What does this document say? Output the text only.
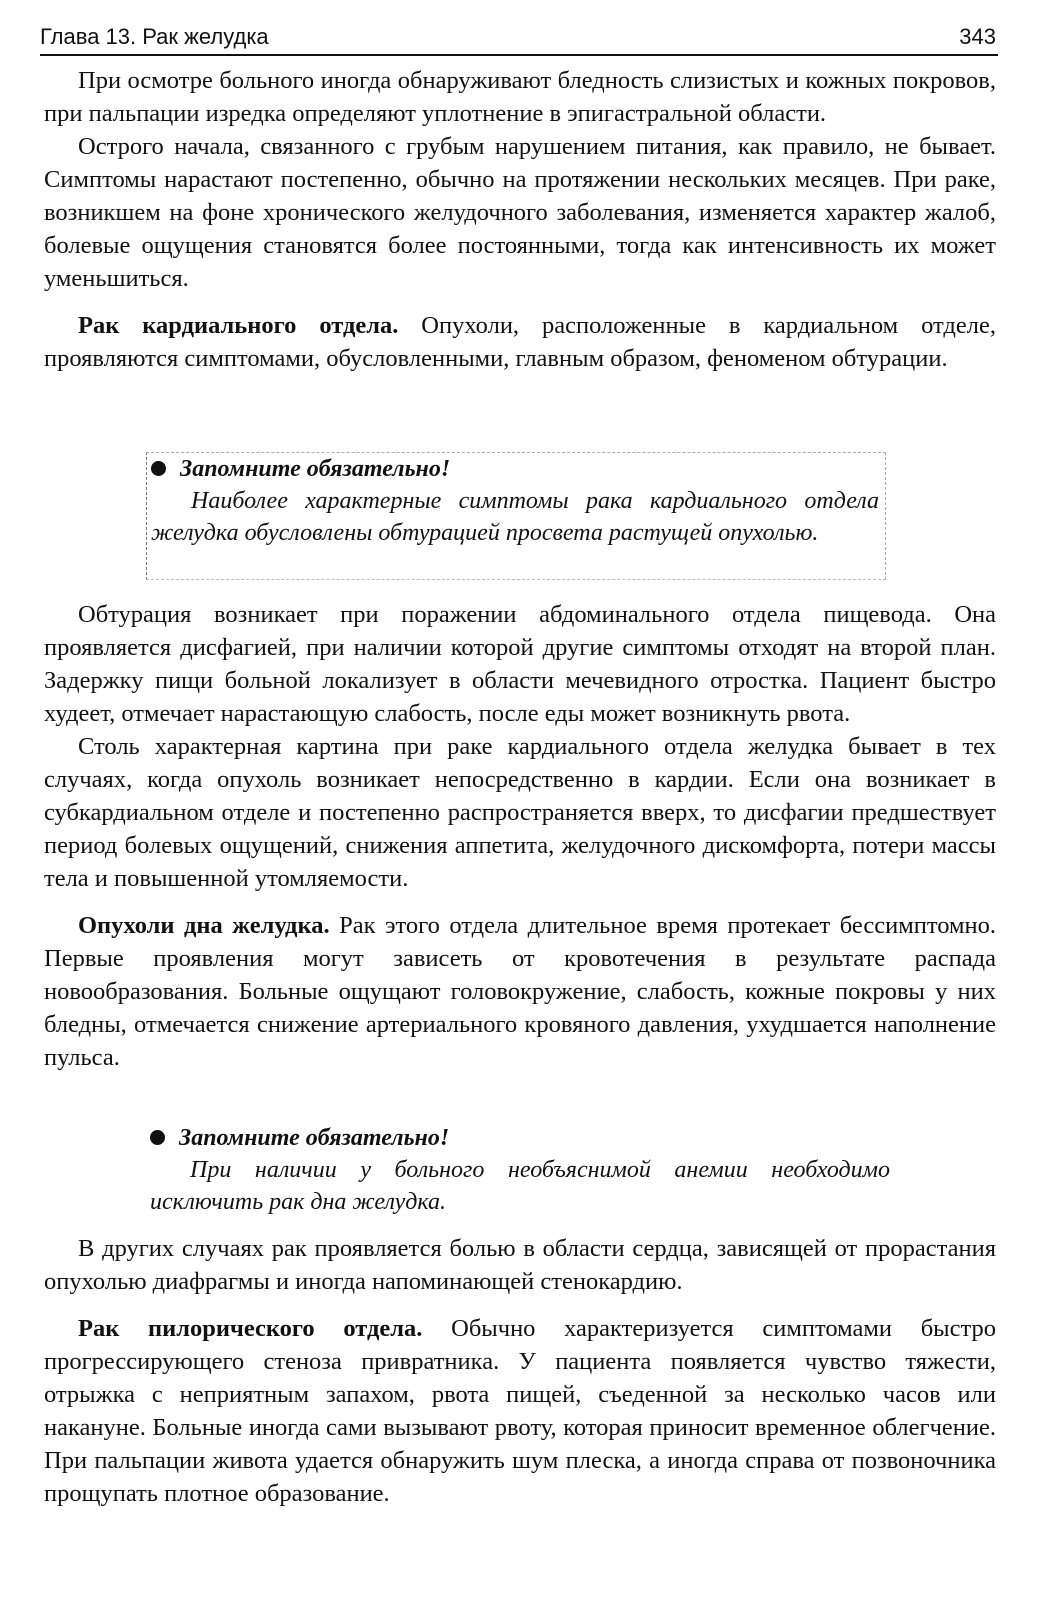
Глава 13. Рак желудка	343

При осмотре больного иногда обнаруживают бледность слизистых и кожных покровов, при пальпации изредка определяют уплотнение в эпигастральной области.

Острого начала, связанного с грубым нарушением питания, как правило, не бывает. Симптомы нарастают постепенно, обычно на протяжении нескольких месяцев. При раке, возникшем на фоне хронического желудочного заболевания, изменяется характер жалоб, болевые ощущения становятся более постоянными, тогда как интенсивность их может уменьшиться.

Рак кардиального отдела. Опухоли, расположенные в кардиальном отделе, проявляются симптомами, обусловленными, главным образом, феноменом обтурации.

Запомните обязательно!
Наиболее характерные симптомы рака кардиального отдела желудка обусловлены обтурацией просвета растущей опухолью.

Обтурация возникает при поражении абдоминального отдела пищевода. Она проявляется дисфагией, при наличии которой другие симптомы отходят на второй план. Задержку пищи больной локализует в области мечевидного отростка. Пациент быстро худеет, отмечает нарастающую слабость, после еды может возникнуть рвота.

Столь характерная картина при раке кардиального отдела желудка бывает в тех случаях, когда опухоль возникает непосредственно в кардии. Если она возникает в субкардиальном отделе и постепенно распространяется вверх, то дисфагии предшествует период болевых ощущений, снижения аппетита, желудочного дискомфорта, потери массы тела и повышенной утомляемости.

Опухоли дна желудка. Рак этого отдела длительное время протекает бессимптомно. Первые проявления могут зависеть от кровотечения в результате распада новообразования. Больные ощущают головокружение, слабость, кожные покровы у них бледны, отмечается снижение артериального кровяного давления, ухудшается наполнение пульса.

Запомните обязательно!
При наличии у больного необъяснимой анемии необходимо исключить рак дна желудка.

В других случаях рак проявляется болью в области сердца, зависящей от прорастания опухолью диафрагмы и иногда напоминающей стенокардию.

Рак пилорического отдела. Обычно характеризуется симптомами быстро прогрессирующего стеноза привратника. У пациента появляется чувство тяжести, отрыжка с неприятным запахом, рвота пищей, съеденной за несколько часов или накануне. Больные иногда сами вызывают рвоту, которая приносит временное облегчение. При пальпации живота удается обнаружить шум плеска, а иногда справа от позвоночника прощупать плотное образование.
